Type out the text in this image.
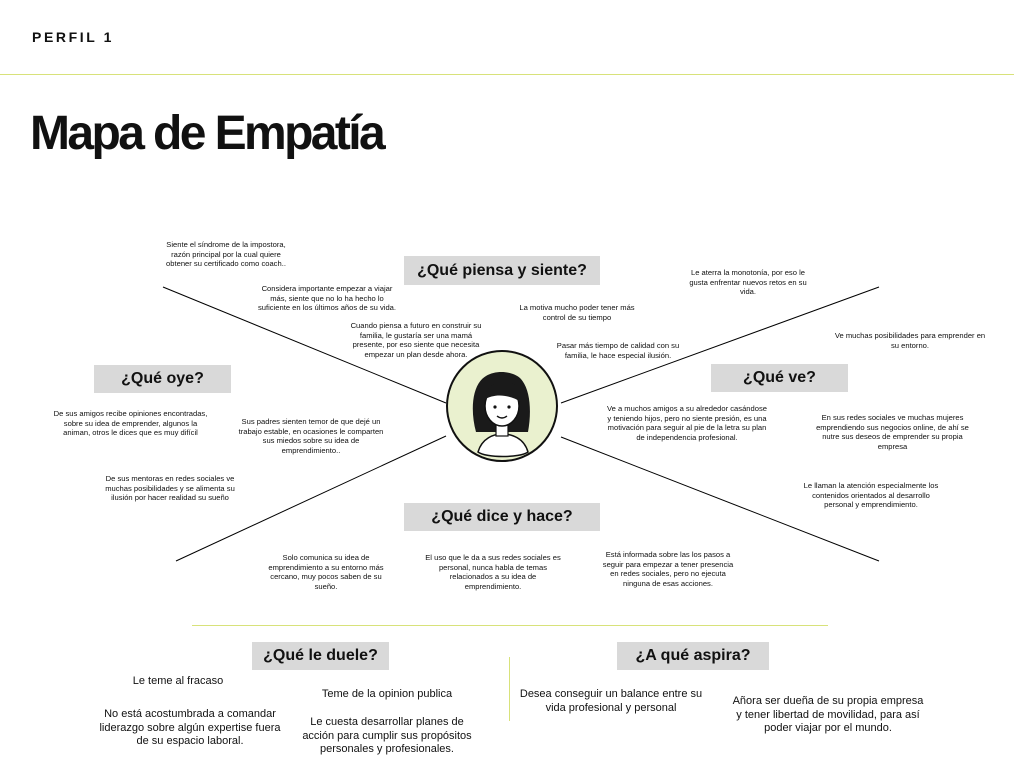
PERFIL 1
Mapa de Empatía
¿Qué piensa y siente?
Siente el síndrome de la impostora, razón principal por la cual quiere obtener su certificado como coach..
Considera importante empezar a viajar más, siente que no lo ha hecho lo suficiente en los últimos años de su vida.
Cuando piensa a futuro en construir su familia, le gustaría ser una mamá presente, por eso siente que necesita empezar un plan desde ahora.
La motiva mucho poder tener más control de su tiempo
Pasar más tiempo de calidad con su familia, le hace especial ilusión.
Le aterra la monotonía, por eso le gusta enfrentar nuevos retos en su vida.
¿Qué oye?
De sus amigos recibe opiniones encontradas, sobre su idea de emprender, algunos la animan, otros le dices que es muy difícil
Sus padres sienten temor de que dejé un trabajo estable, en ocasiones le comparten sus miedos sobre su idea de emprendimiento..
De sus mentoras en redes sociales ve muchas posibilidades y se alimenta su ilusión por hacer realidad su sueño
¿Qué ve?
Ve muchas posibilidades para emprender en su entorno.
Ve a muchos amigos a su alrededor casándose y teniendo hijos, pero no siente presión, es una motivación para seguir al pie de la letra su plan de independencia profesional.
En sus redes sociales ve muchas mujeres emprendiendo sus negocios online, de ahí se nutre sus deseos de emprender su propia empresa
Le llaman la atención especialmente los contenidos orientados al desarrollo personal y emprendimiento.
¿Qué dice y hace?
Solo comunica su idea de emprendimiento a su entorno más cercano, muy pocos saben de su sueño.
El uso que le da a sus redes sociales es personal, nunca habla de temas relacionados a su idea de emprendimiento.
Está informada sobre las los pasos a seguir para empezar a tener presencia en redes sociales, pero no ejecuta ninguna de esas acciones.
¿Qué le duele?
Le teme al fracaso
No está acostumbrada a comandar liderazgo sobre algún expertise fuera de su espacio laboral.
Teme de la opinion publica
Le cuesta desarrollar planes de acción para cumplir sus propósitos personales y profesionales.
¿A qué aspira?
Desea conseguir un balance entre su vida profesional y personal
Añora ser dueña de su propia empresa y tener libertad de movilidad, para así poder viajar por el mundo.
